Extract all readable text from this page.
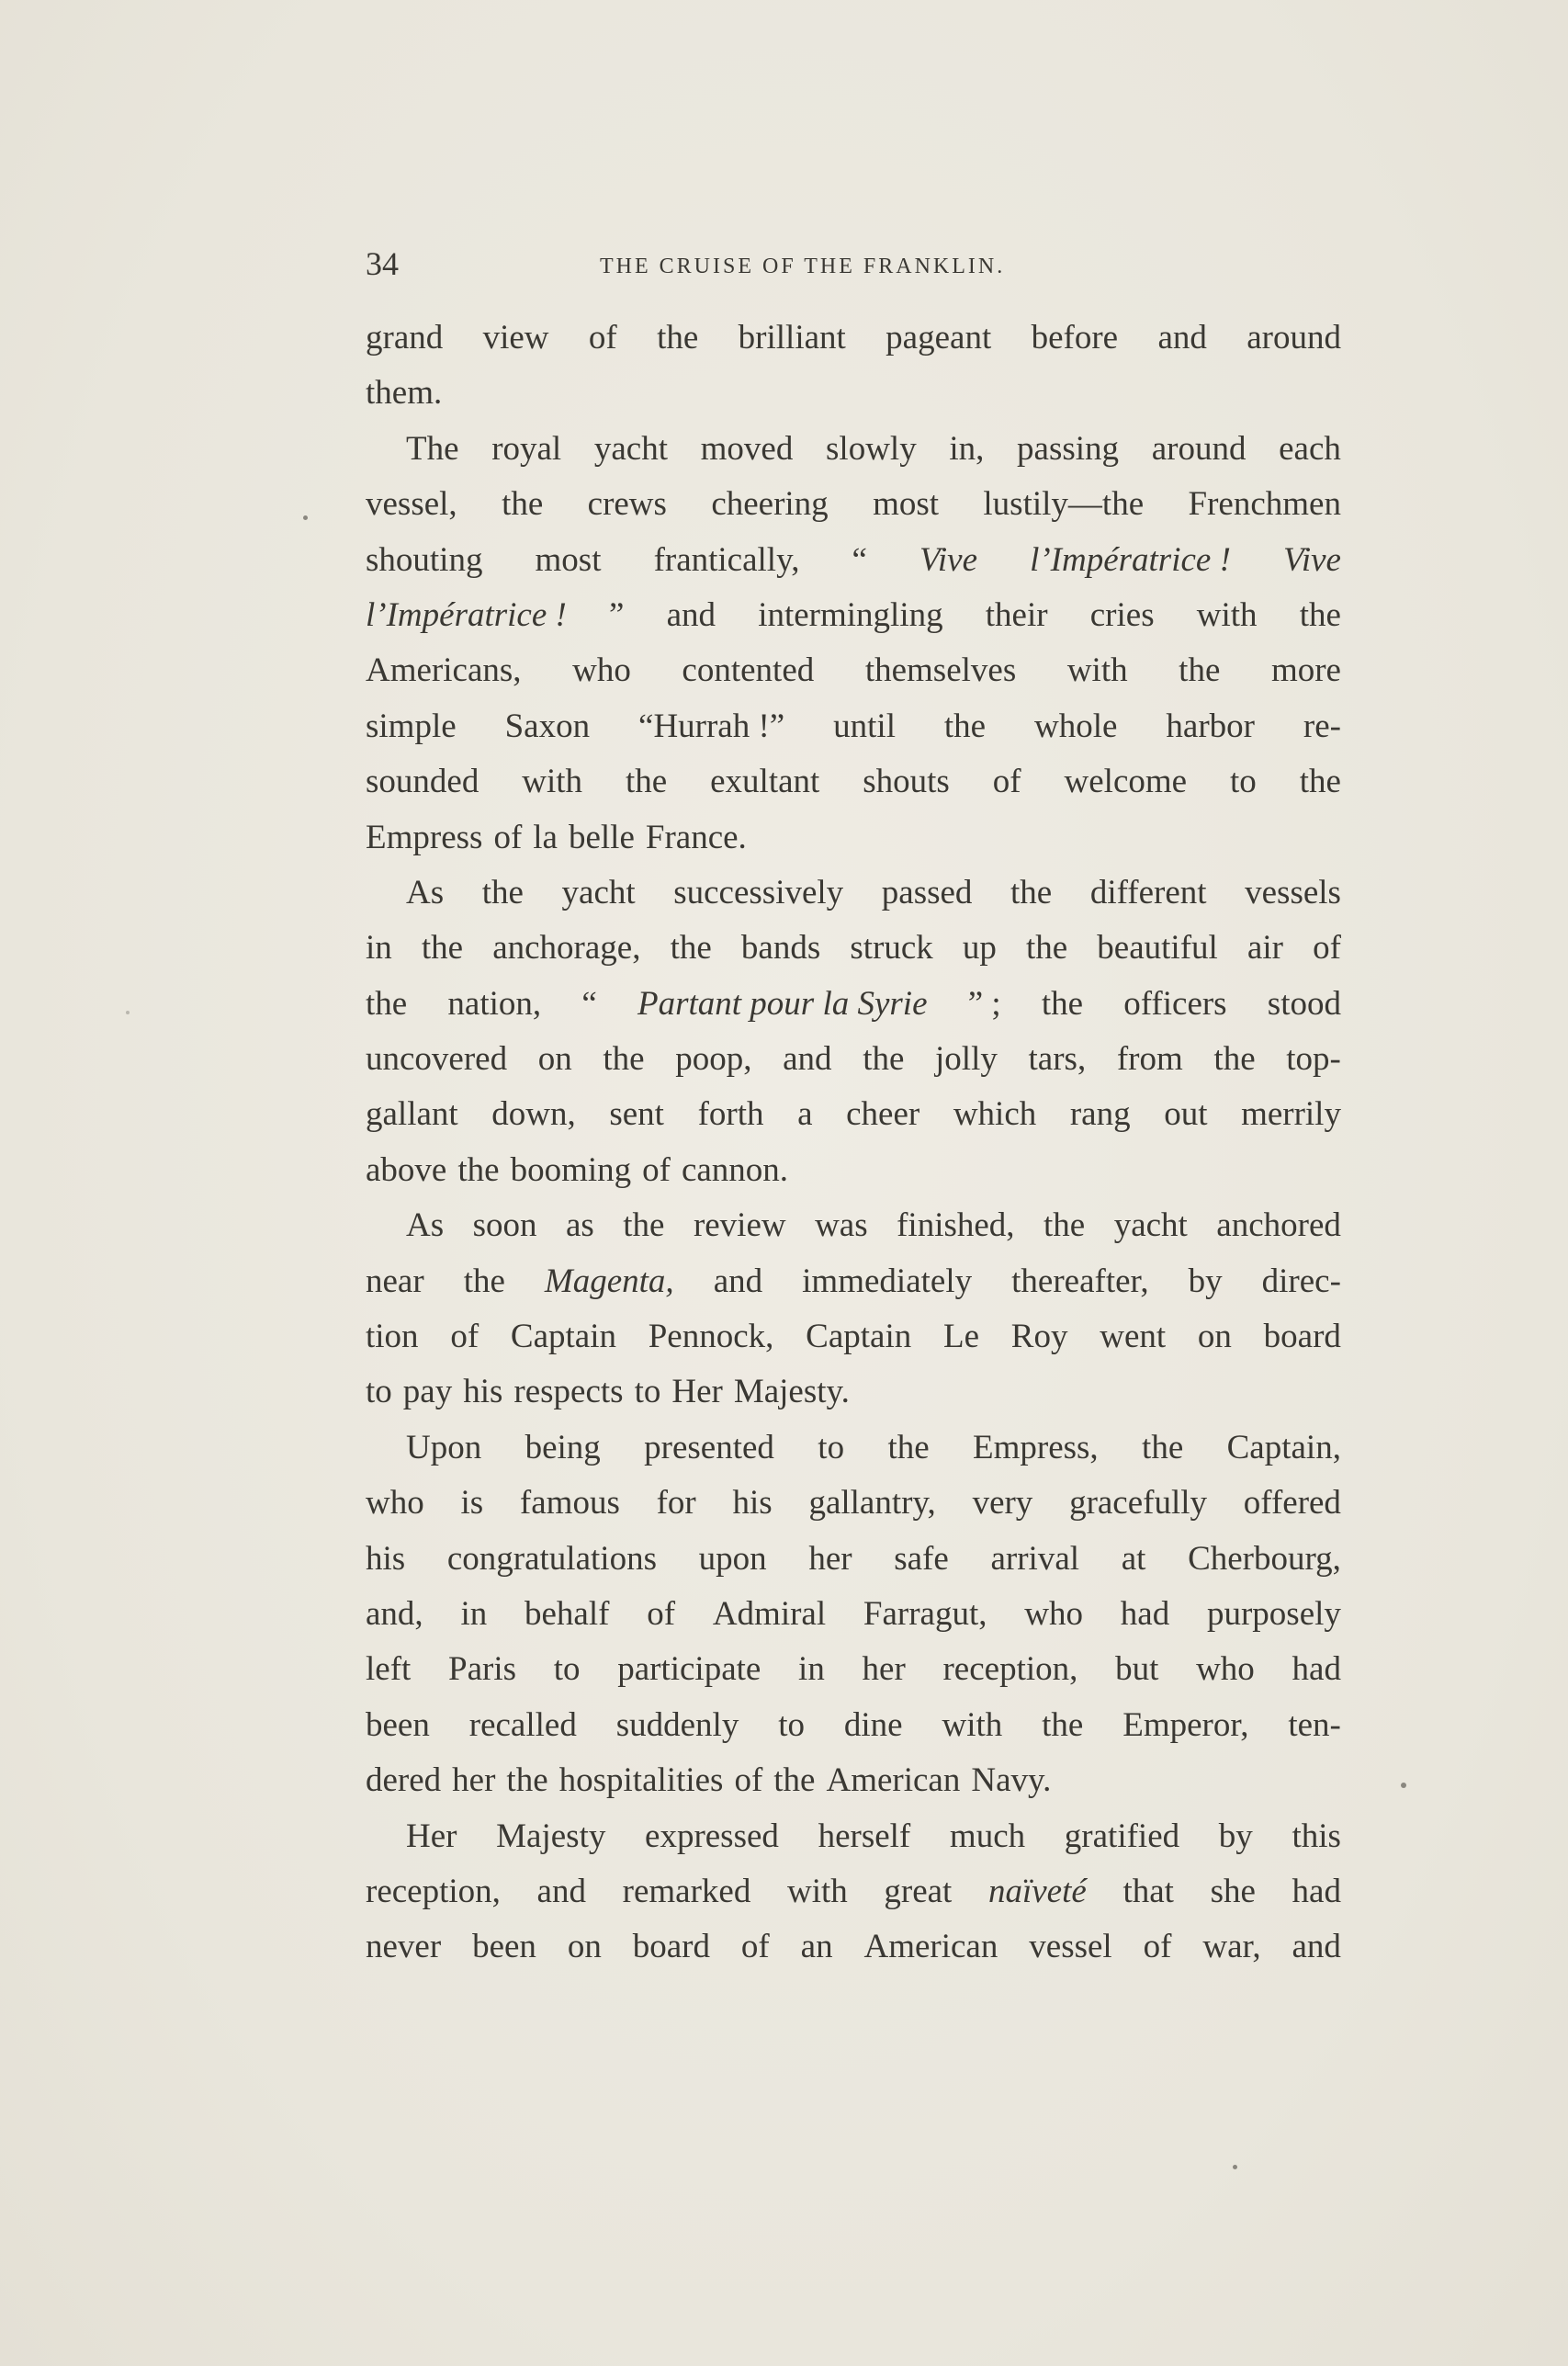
34	THE CRUISE OF THE FRANKLIN.
grand view of the brilliant pageant before and around
them.
The royal yacht moved slowly in, passing around each
vessel, the crews cheering most lustily—the Frenchmen
shouting most frantically, “ Vive l’Impératrice ! Vive
l’Impératrice ! ” and intermingling their cries with the
Americans, who contented themselves with the more
simple Saxon “Hurrah !” until the whole harbor re-
sounded with the exultant shouts of welcome to the
Empress of la belle France.
As the yacht successively passed the different vessels
in the anchorage, the bands struck up the beautiful air of
the nation, “ Partant pour la Syrie ” ; the officers stood
uncovered on the poop, and the jolly tars, from the top-
gallant down, sent forth a cheer which rang out merrily
above the booming of cannon.
As soon as the review was finished, the yacht anchored
near the Magenta, and immediately thereafter, by direc-
tion of Captain Pennock, Captain Le Roy went on board
to pay his respects to Her Majesty.
Upon being presented to the Empress, the Captain,
who is famous for his gallantry, very gracefully offered
his congratulations upon her safe arrival at Cherbourg,
and, in behalf of Admiral Farragut, who had purposely
left Paris to participate in her reception, but who had
been recalled suddenly to dine with the Emperor, ten-
dered her the hospitalities of the American Navy.
Her Majesty expressed herself much gratified by this
reception, and remarked with great naïveté that she had
never been on board of an American vessel of war, and
